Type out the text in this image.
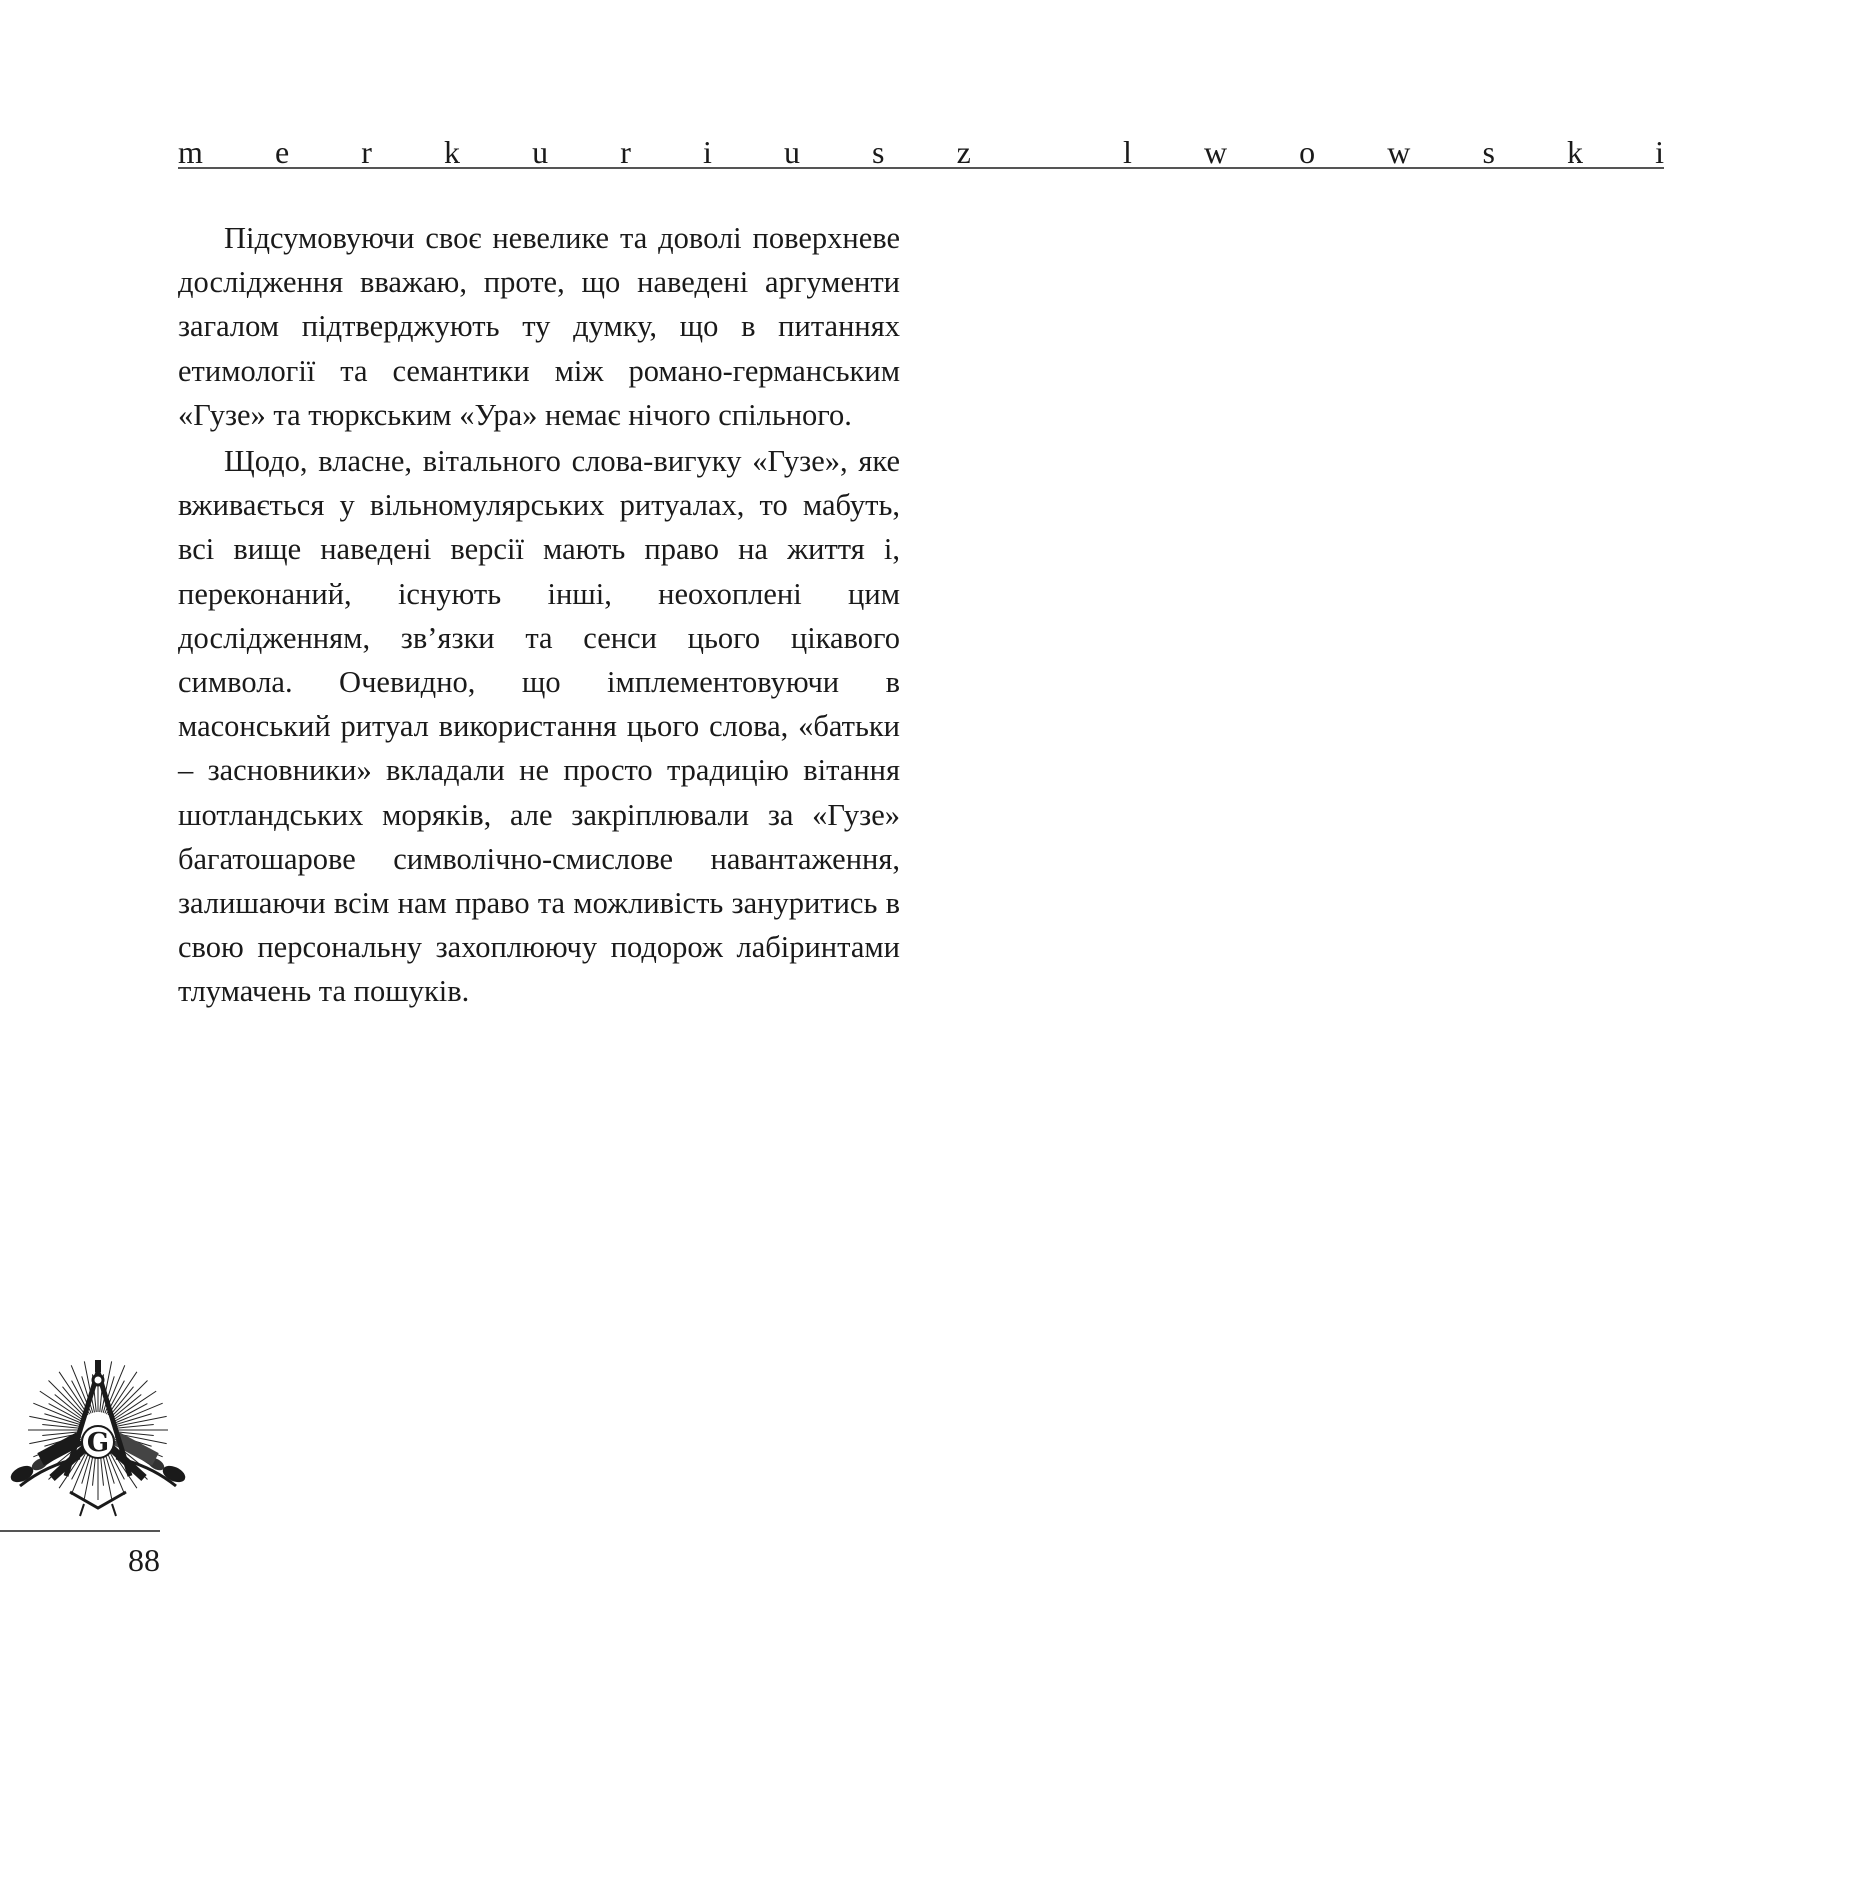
m e r k u r i u s z
	l w o w s k i

Підсумовуючи своє невелике та доволі поверхневе дослідження вважаю, проте, що наведені аргументи загалом підтверджують ту думку, що в питаннях етимології та семантики між романо-германським «Гузе» та тюркським «Ура» немає нічого спільного.

Щодо, власне, вітального слова-вигуку «Гузе», яке вживається у вільномулярських ритуалах, то мабуть, всі вище наведені версії мають право на життя і, переконаний, існують інші, неохоплені цим дослідженням, зв’язки та сенси цього цікавого символа. Очевидно, що імплементовуючи в масонський ритуал використання цього слова, «батьки – засновники» вкладали не просто традицію вітання шотландських моряків, але закріплювали за «Гузе» багатошарове символічно-смислове навантаження, залишаючи всім нам право та можливість зануритись в свою персональну захоплюючу подорож лабіринтами тлумачень та пошуків.

G
88
